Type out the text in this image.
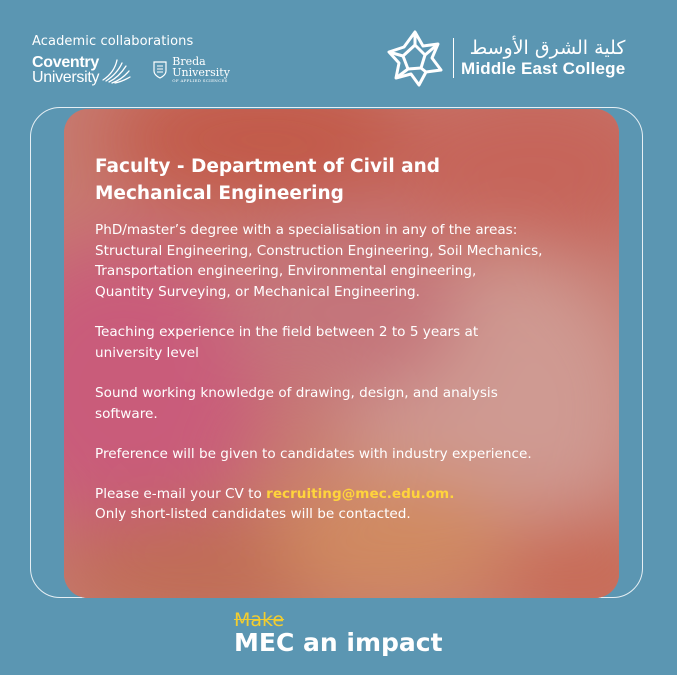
Academic collaborations
Coventry
University
Breda
University
OF APPLIED SCIENCES
كلية الشرق الأوسط
Middle East College
Faculty - Department of Civil and
Mechanical Engineering
PhD/master’s degree with a specialisation in any of the areas:
Structural Engineering, Construction Engineering, Soil Mechanics,
Transportation engineering, Environmental engineering,
Quantity Surveying, or Mechanical Engineering.
Teaching experience in the field between 2 to 5 years at
university level
Sound working knowledge of drawing, design, and analysis
software.
Preference will be given to candidates with industry experience.
Please e-mail your CV to recruiting@mec.edu.om.
Only short-listed candidates will be contacted.
Make
MEC an impact
